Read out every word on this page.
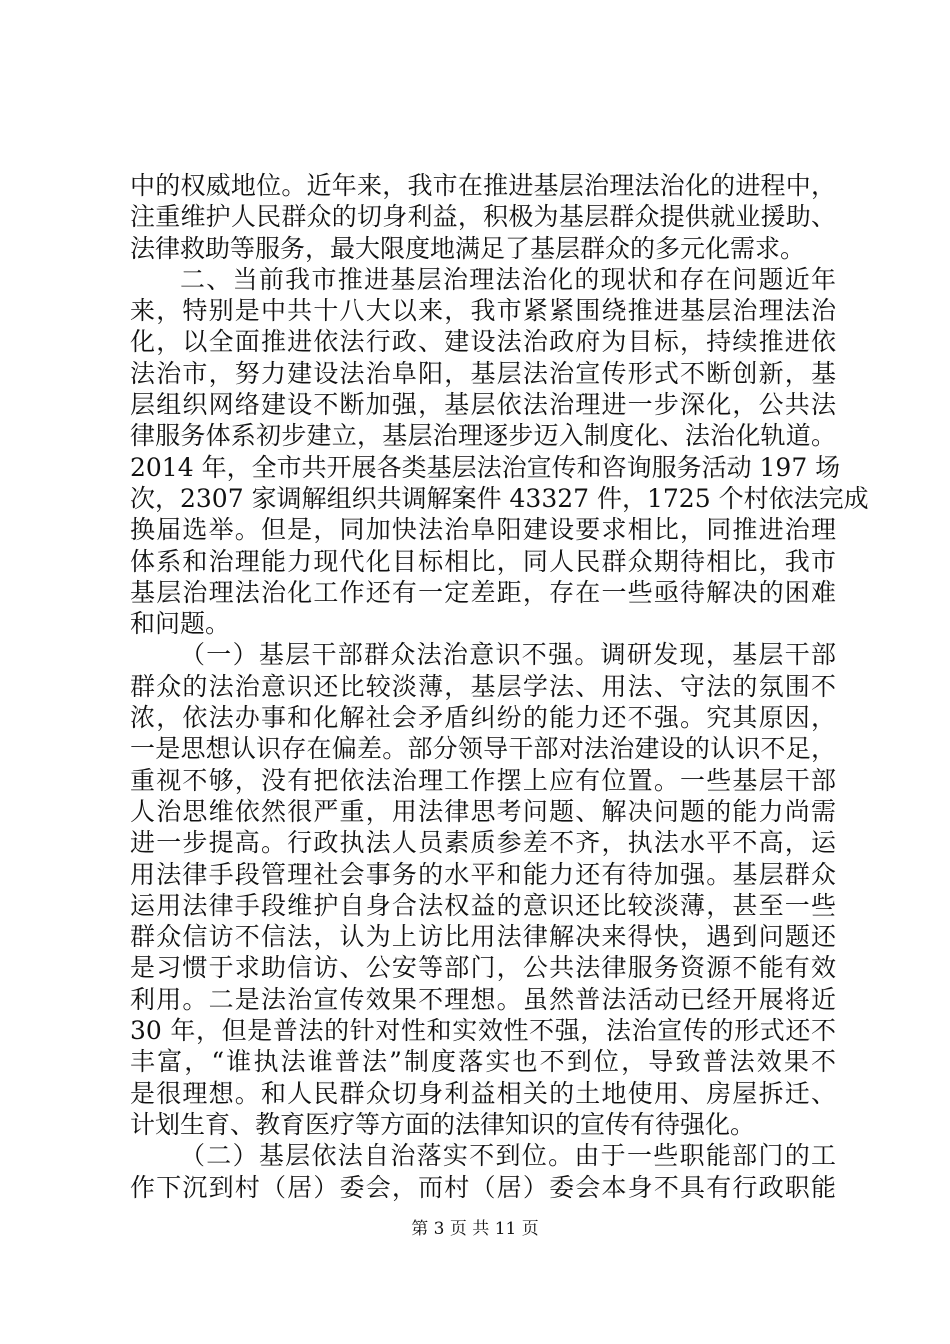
中的权威地位。近年来，我市在推进基层治理法治化的进程中，
注重维护人民群众的切身利益，积极为基层群众提供就业援助、
法律救助等服务，最大限度地满足了基层群众的多元化需求。
二、当前我市推进基层治理法治化的现状和存在问题近年
来，特别是中共十八大以来，我市紧紧围绕推进基层治理法治
化，以全面推进依法行政、建设法治政府为目标，持续推进依
法治市，努力建设法治阜阳，基层法治宣传形式不断创新，基
层组织网络建设不断加强，基层依法治理进一步深化，公共法
律服务体系初步建立，基层治理逐步迈入制度化、法治化轨道。
2014 年，全市共开展各类基层法治宣传和咨询服务活动 197 场
次，2307 家调解组织共调解案件 43327 件，1725 个村依法完成
换届选举。但是，同加快法治阜阳建设要求相比，同推进治理
体系和治理能力现代化目标相比，同人民群众期待相比，我市
基层治理法治化工作还有一定差距，存在一些亟待解决的困难
和问题。
（一）基层干部群众法治意识不强。调研发现，基层干部
群众的法治意识还比较淡薄，基层学法、用法、守法的氛围不
浓，依法办事和化解社会矛盾纠纷的能力还不强。究其原因，
一是思想认识存在偏差。部分领导干部对法治建设的认识不足，
重视不够，没有把依法治理工作摆上应有位置。一些基层干部
人治思维依然很严重，用法律思考问题、解决问题的能力尚需
进一步提高。行政执法人员素质参差不齐，执法水平不高，运
用法律手段管理社会事务的水平和能力还有待加强。基层群众
运用法律手段维护自身合法权益的意识还比较淡薄，甚至一些
群众信访不信法，认为上访比用法律解决来得快，遇到问题还
是习惯于求助信访、公安等部门，公共法律服务资源不能有效
利用。二是法治宣传效果不理想。虽然普法活动已经开展将近
30 年，但是普法的针对性和实效性不强，法治宣传的形式还不
丰富，“谁执法谁普法”制度落实也不到位，导致普法效果不
是很理想。和人民群众切身利益相关的土地使用、房屋拆迁、
计划生育、教育医疗等方面的法律知识的宣传有待强化。
（二）基层依法自治落实不到位。由于一些职能部门的工
作下沉到村（居）委会，而村（居）委会本身不具有行政职能
第 3 页 共 11 页
